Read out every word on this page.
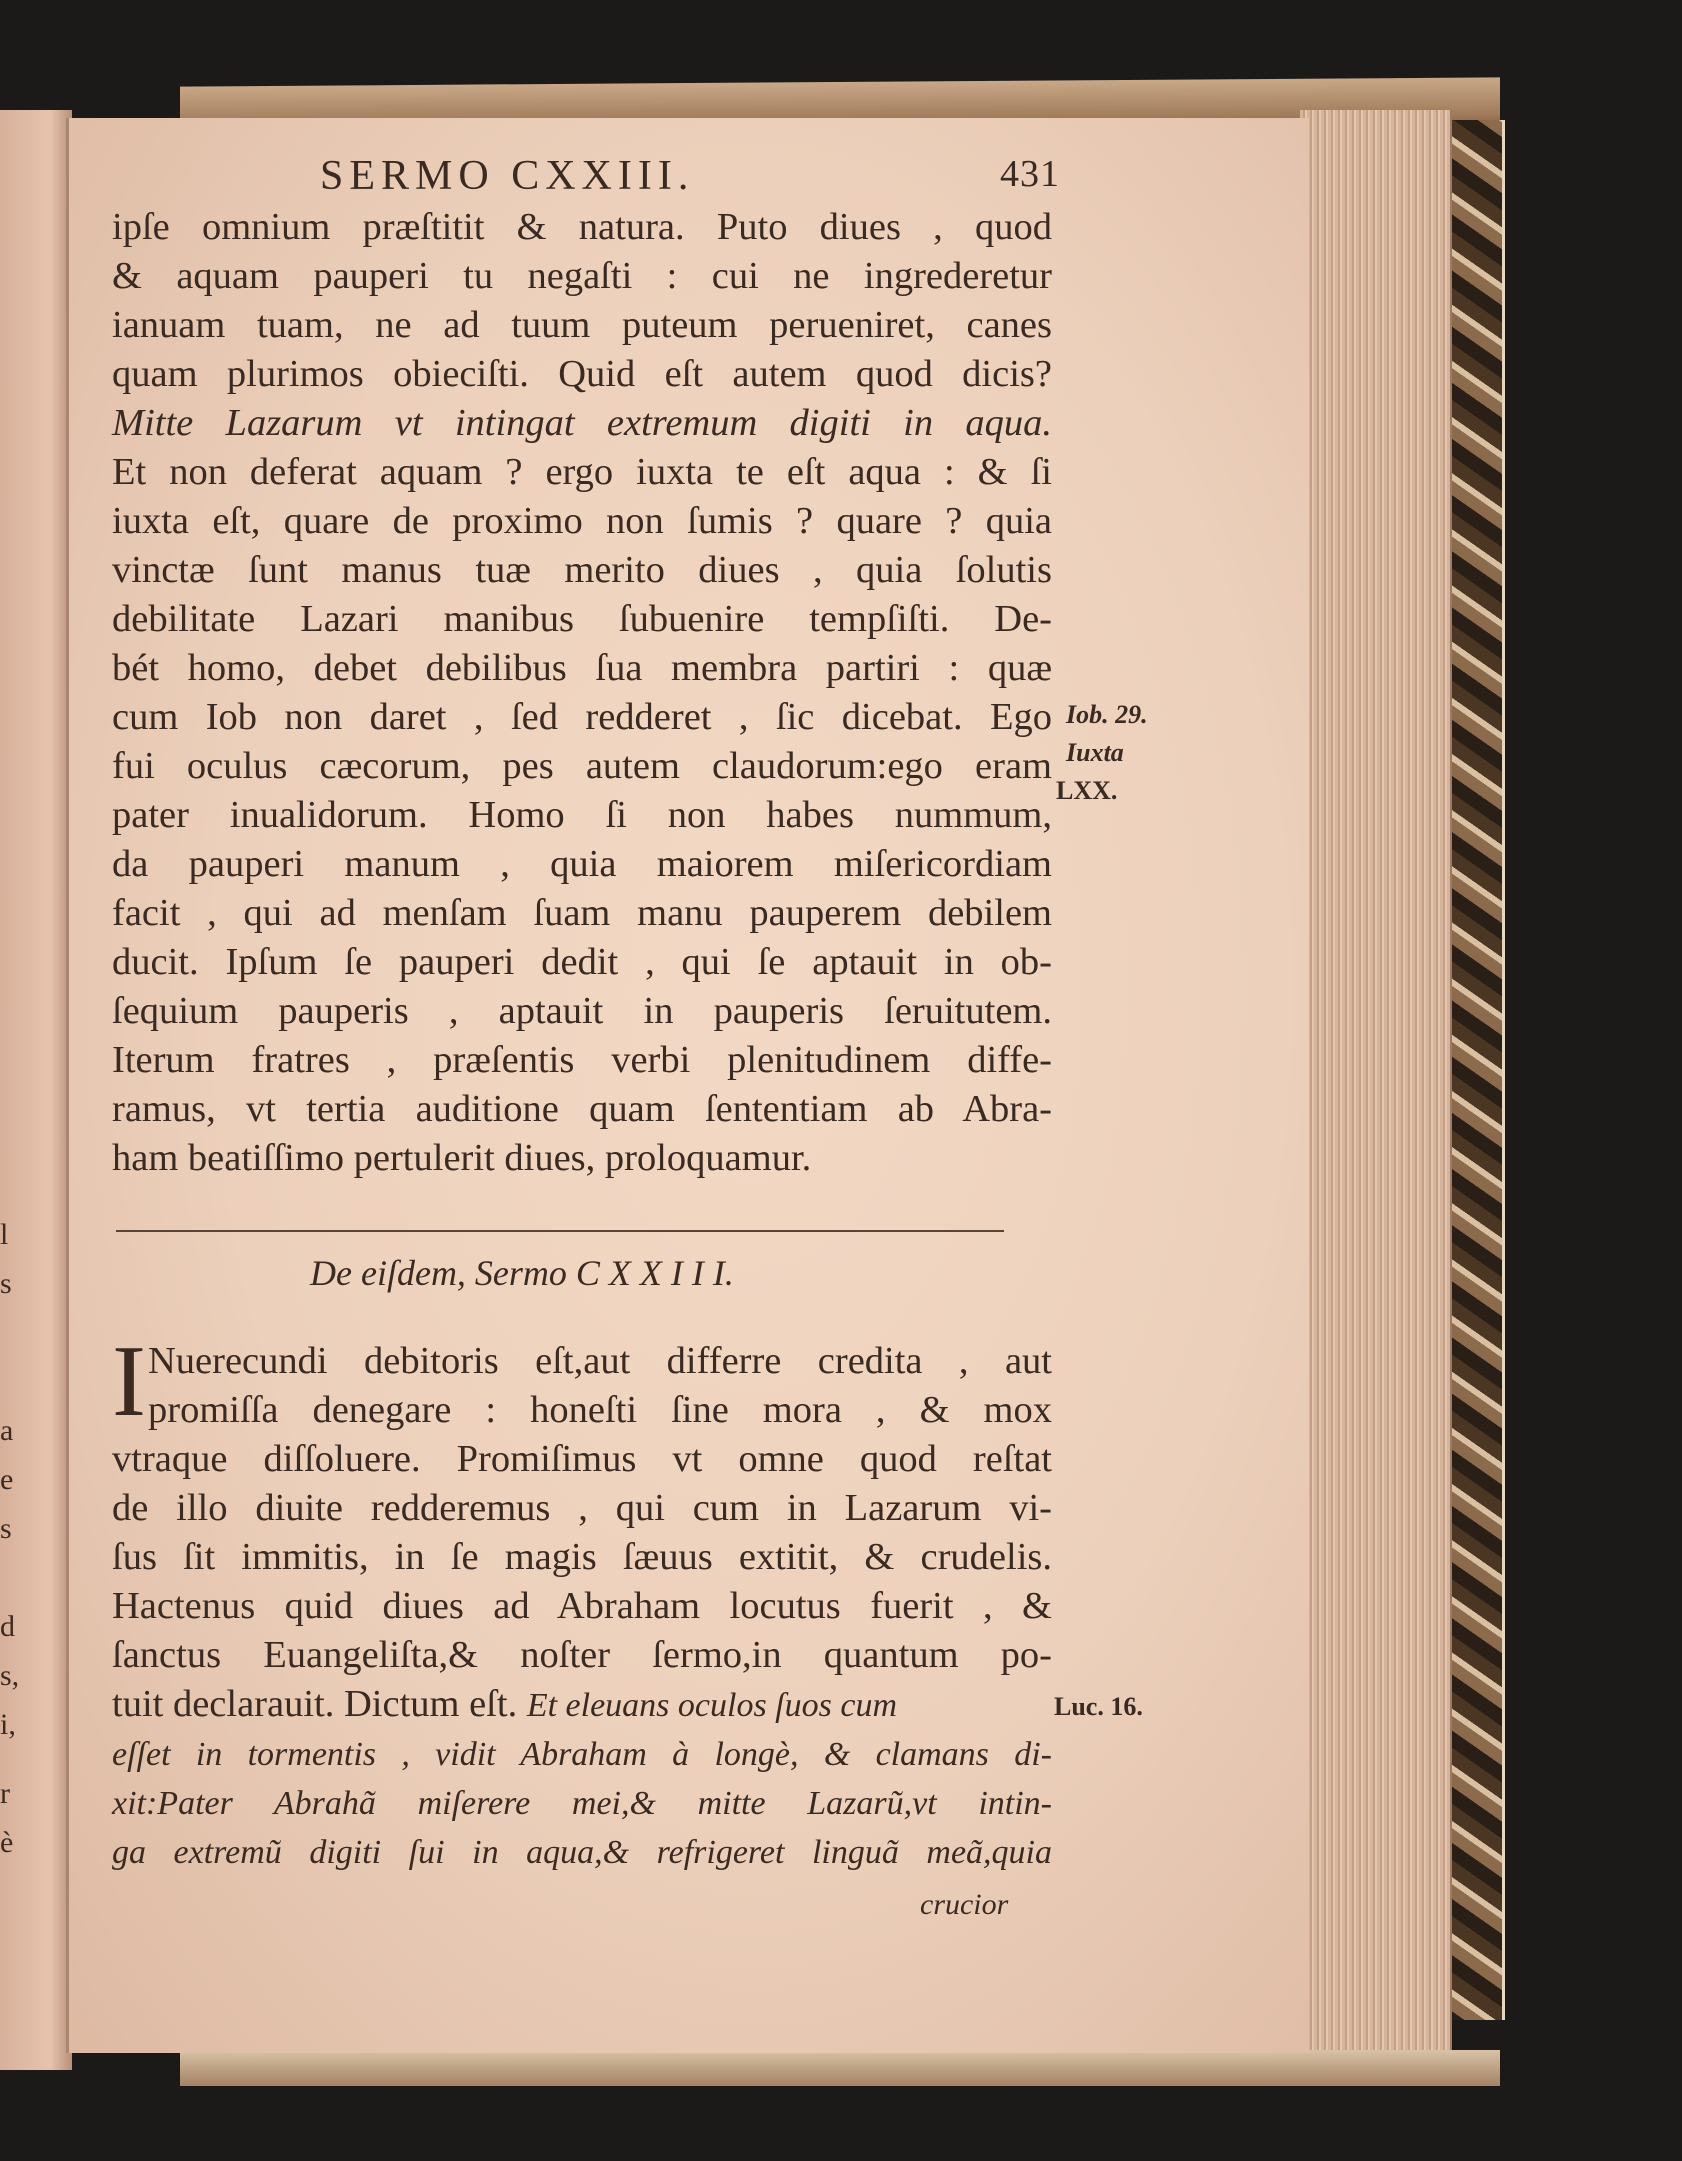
l
s
a
e
s
d
s,
i,
r
è
SERMO CXXIII.	431
ipſe omnium præſtitit & natura. Puto diues , quod
& aquam pauperi tu negaſti : cui ne ingrederetur
ianuam tuam, ne ad tuum puteum perueniret, canes
quam plurimos obieciſti. Quid eſt autem quod dicis?
Mitte Lazarum vt intingat extremum digiti in aqua.
Et non deferat aquam ? ergo iuxta te eſt aqua : & ſi
iuxta eſt, quare de proximo non ſumis ? quare ? quia
vinctæ ſunt manus tuæ merito diues , quia ſolutis
debilitate Lazari manibus ſubuenire tempſiſti. De-
bét homo, debet debilibus ſua membra partiri : quæ
cum Iob non daret , ſed redderet , ſic dicebat. Ego
fui oculus cæcorum, pes autem claudorum:ego eram
pater inualidorum. Homo ſi non habes nummum,
da pauperi manum , quia maiorem miſericordiam
facit , qui ad menſam ſuam manu pauperem debilem
ducit. Ipſum ſe pauperi dedit , qui ſe aptauit in ob-
ſequium pauperis , aptauit in pauperis ſeruitutem.
Iterum fratres , præſentis verbi plenitudinem diffe-
ramus, vt tertia auditione quam ſententiam ab Abra-
ham beatiſſimo pertulerit diues, proloquamur.
Iob. 29.
Iuxta
LXX.
De eiſdem, Sermo C X X I I I.
I Nuerecundi debitoris eſt,aut differre credita , aut
promiſſa denegare : honeſti ſine mora , & mox
vtraque diſſoluere. Promiſimus vt omne quod reſtat
de illo diuite redderemus , qui cum in Lazarum vi-
ſus ſit immitis, in ſe magis ſæuus extitit, & crudelis.
Hactenus quid diues ad Abraham locutus fuerit , &
ſanctus Euangeliſta,& noſter ſermo,in quantum po-
tuit declarauit. Dictum eſt. Et eleuans oculos ſuos cum
eſſet in tormentis , vidit Abraham à longè, & clamans di-
xit:Pater Abrahã miſerere mei,& mitte Lazarũ,vt intin-
ga extremũ digiti ſui in aqua,& refrigeret linguã meã,quia
Luc. 16.
crucior
